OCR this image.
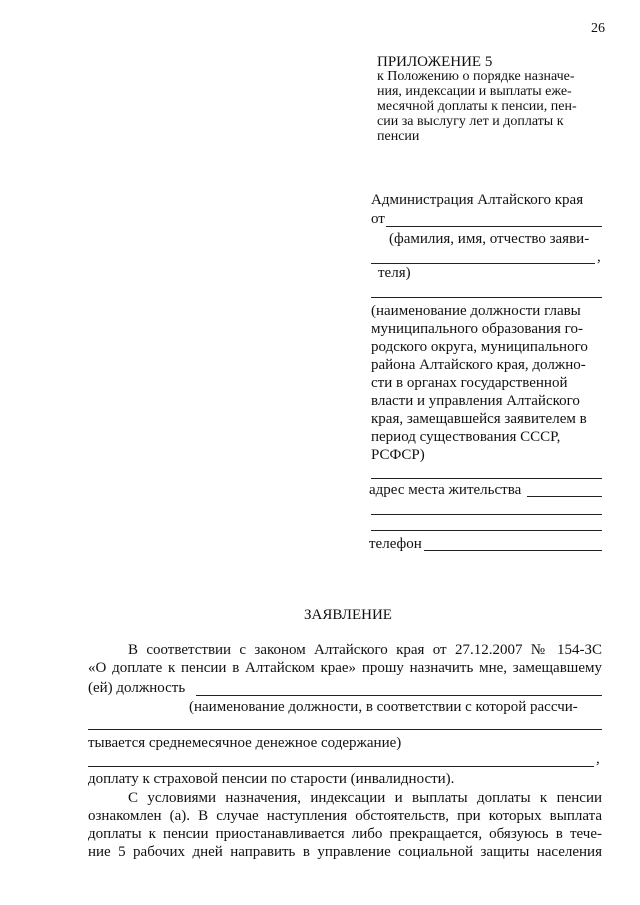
26
ПРИЛОЖЕНИЕ 5
к Положению о порядке назначе-
ния, индексации и выплаты еже-
месячной доплаты к пенсии, пен-
сии за выслугу лет и доплаты к
пенсии
Администрация Алтайского края
от
(фамилия, имя, отчество заяви-
,
теля)
(наименование должности главы
муниципального образования го-
родского округа, муниципального
района Алтайского края, должно-
сти в органах государственной
власти и управления Алтайского
края, замещавшейся заявителем в
период существования СССР,
РСФСР)
адрес места жительства
телефон
ЗАЯВЛЕНИЕ
В соответствии с законом Алтайского края от 27.12.2007 № 154-ЗС
«О доплате к пенсии в Алтайском крае» прошу назначить мне, замещавшему
(ей) должность
(наименование должности, в соответствии с которой рассчи-
тывается среднемесячное денежное содержание)
,
доплату к страховой пенсии по старости (инвалидности).
С условиями назначения, индексации и выплаты доплаты к пенсии
ознакомлен (а). В случае наступления обстоятельств, при которых выплата
доплаты к пенсии приостанавливается либо прекращается, обязуюсь в тече-
ние 5 рабочих дней направить в управление социальной защиты населения
